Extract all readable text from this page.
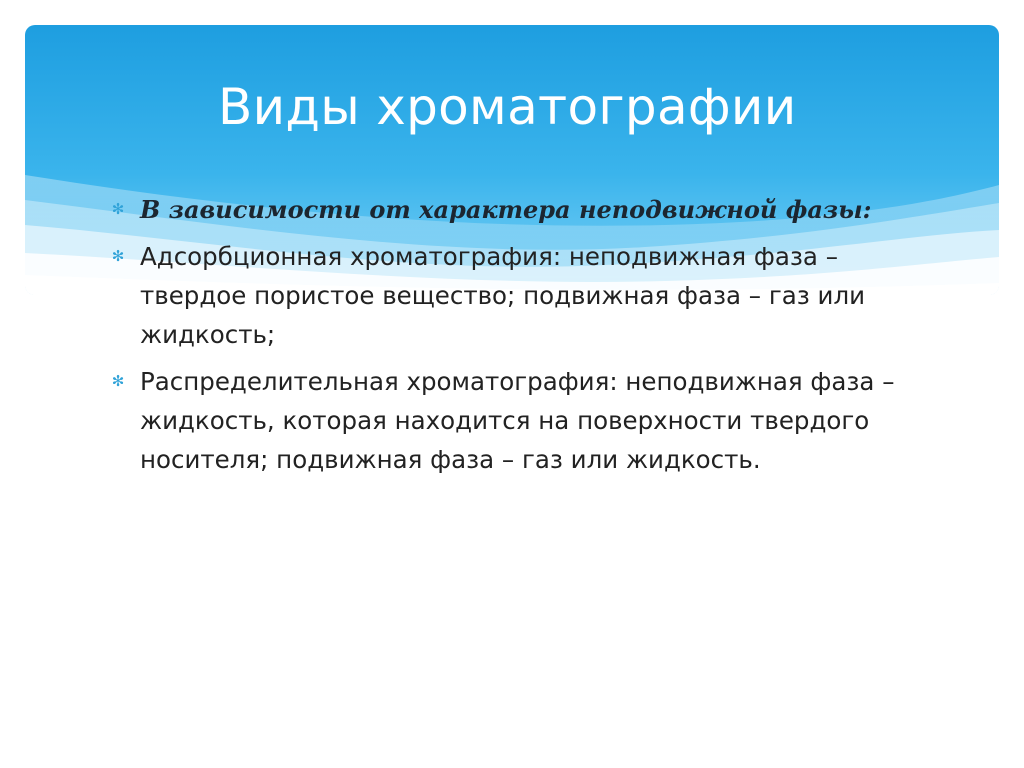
Виды хроматографии
✻ В зависимости от характера неподвижной фазы:
✻ Адсорбционная хроматография: неподвижная фаза – твердое пористое вещество; подвижная фаза – газ или жидкость;
✻ Распределительная хроматография: неподвижная фаза – жидкость, которая находится на поверхности твердого носителя; подвижная фаза – газ или жидкость.
